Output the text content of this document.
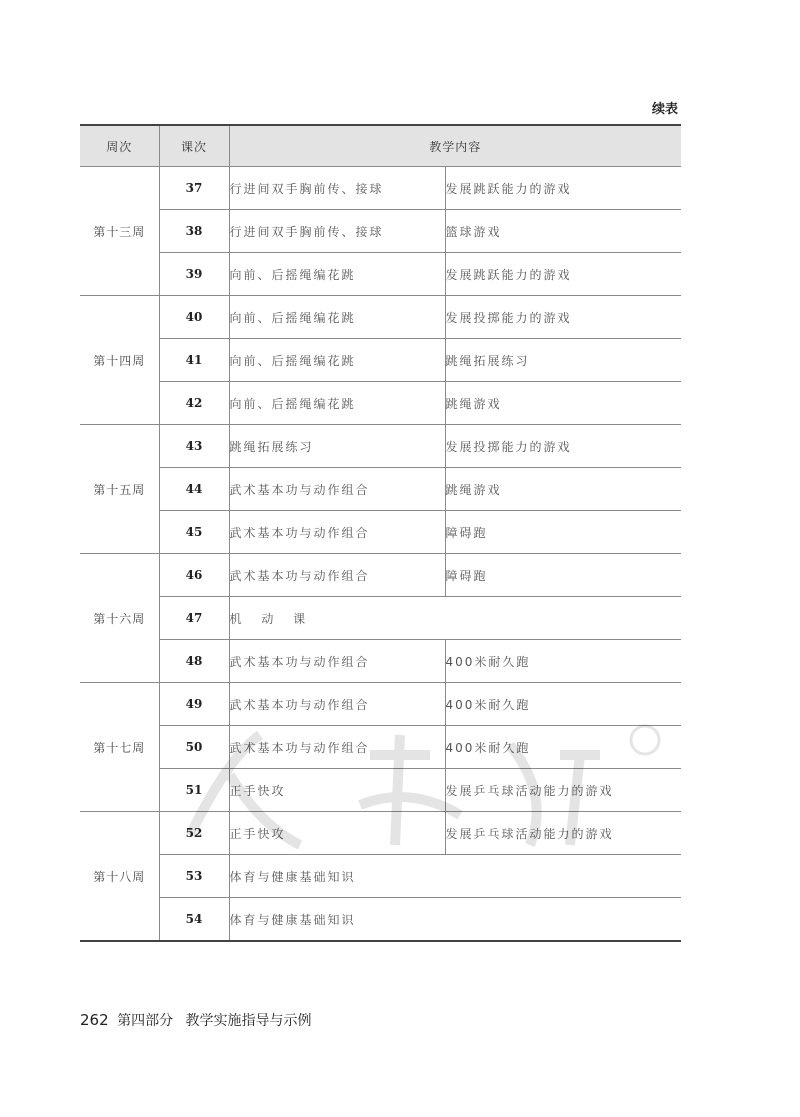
续表
周次	课次	教学内容	
第十三周	37	行进间双手胸前传、接球	发展跳跃能力的游戏
	38	行进间双手胸前传、接球	篮球游戏
	39	向前、后摇绳编花跳	发展跳跃能力的游戏
第十四周	40	向前、后摇绳编花跳	发展投掷能力的游戏
	41	向前、后摇绳编花跳	跳绳拓展练习
	42	向前、后摇绳编花跳	跳绳游戏
第十五周	43	跳绳拓展练习	发展投掷能力的游戏
	44	武术基本功与动作组合	跳绳游戏
	45	武术基本功与动作组合	障碍跑
第十六周	46	武术基本功与动作组合	障碍跑
	47	机 动 课	
	48	武术基本功与动作组合	400米耐久跑
第十七周	49	武术基本功与动作组合	400米耐久跑
	50	武术基本功与动作组合	400米耐久跑
	51	正手快攻	发展乒乓球活动能力的游戏
第十八周	52	正手快攻	发展乒乓球活动能力的游戏
	53	体育与健康基础知识	
	54	体育与健康基础知识	
262 第四部分 教学实施指导与示例
